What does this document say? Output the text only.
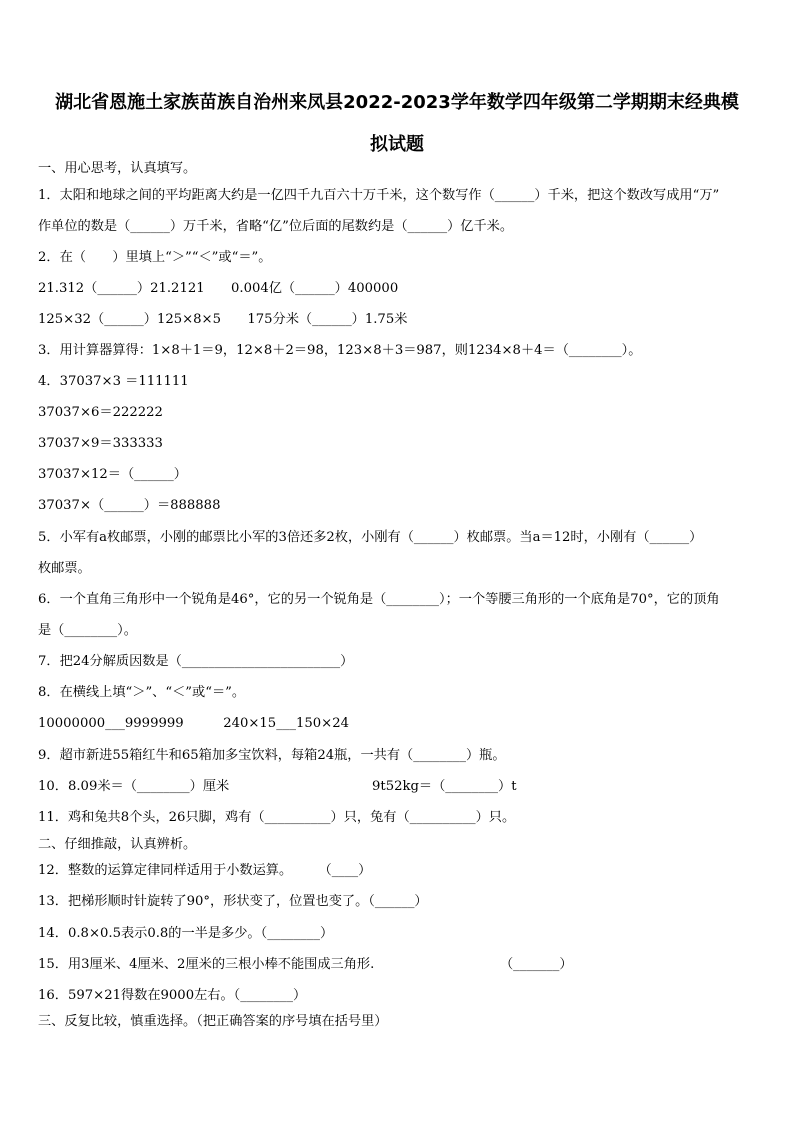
湖北省恩施土家族苗族自治州来凤县2022-2023学年数学四年级第二学期期末经典模
拟试题
一、用心思考，认真填写。
1．太阳和地球之间的平均距离大约是一亿四千九百六十万千米，这个数写作（______）千米，把这个数改写成用“万”
作单位的数是（______）万千米，省略“亿”位后面的尾数约是（______）亿千米。
2．在（　　）里填上“＞”“＜”或“＝”。
21.312（______）21.2121　　0.004亿（______）400000
125×32（______）125×8×5　　175分米（______）1.75米
3．用计算器算得：1×8＋1＝9，12×8＋2＝98，123×8＋3＝987，则1234×8＋4＝（________）。
4．37037×3 ＝111111
37037×6＝222222
37037×9＝333333
37037×12＝（______）
37037×（______）＝888888
5．小军有a枚邮票，小刚的邮票比小军的3倍还多2枚，小刚有（______）枚邮票。当a＝12时，小刚有（______）
枚邮票。
6．一个直角三角形中一个锐角是46°，它的另一个锐角是（________）；一个等腰三角形的一个底角是70°，它的顶角
是（________）。
7．把24分解质因数是（________________________）
8．在横线上填“＞”、“＜”或“＝”。
10000000___9999999　　　240×15___150×24
9．超市新进55箱红牛和65箱加多宝饮料，每箱24瓶，一共有（________）瓶。
10．8.09米＝（________）厘米	9t52kg＝（________）t
11．鸡和兔共8个头，26只脚，鸡有（__________）只，兔有（__________）只。
二、仔细推敲，认真辨析。
12．整数的运算定律同样适用于小数运算。　　　（____）
13．把梯形顺时针旋转了90°，形状变了，位置也变了。（______）
14．0.8×0.5表示0.8的一半是多少。（________）
15．用3厘米、4厘米、2厘米的三根小棒不能围成三角形.	（_______）
16．597×21得数在9000左右。（________）
三、反复比较，慎重选择。（把正确答案的序号填在括号里）
